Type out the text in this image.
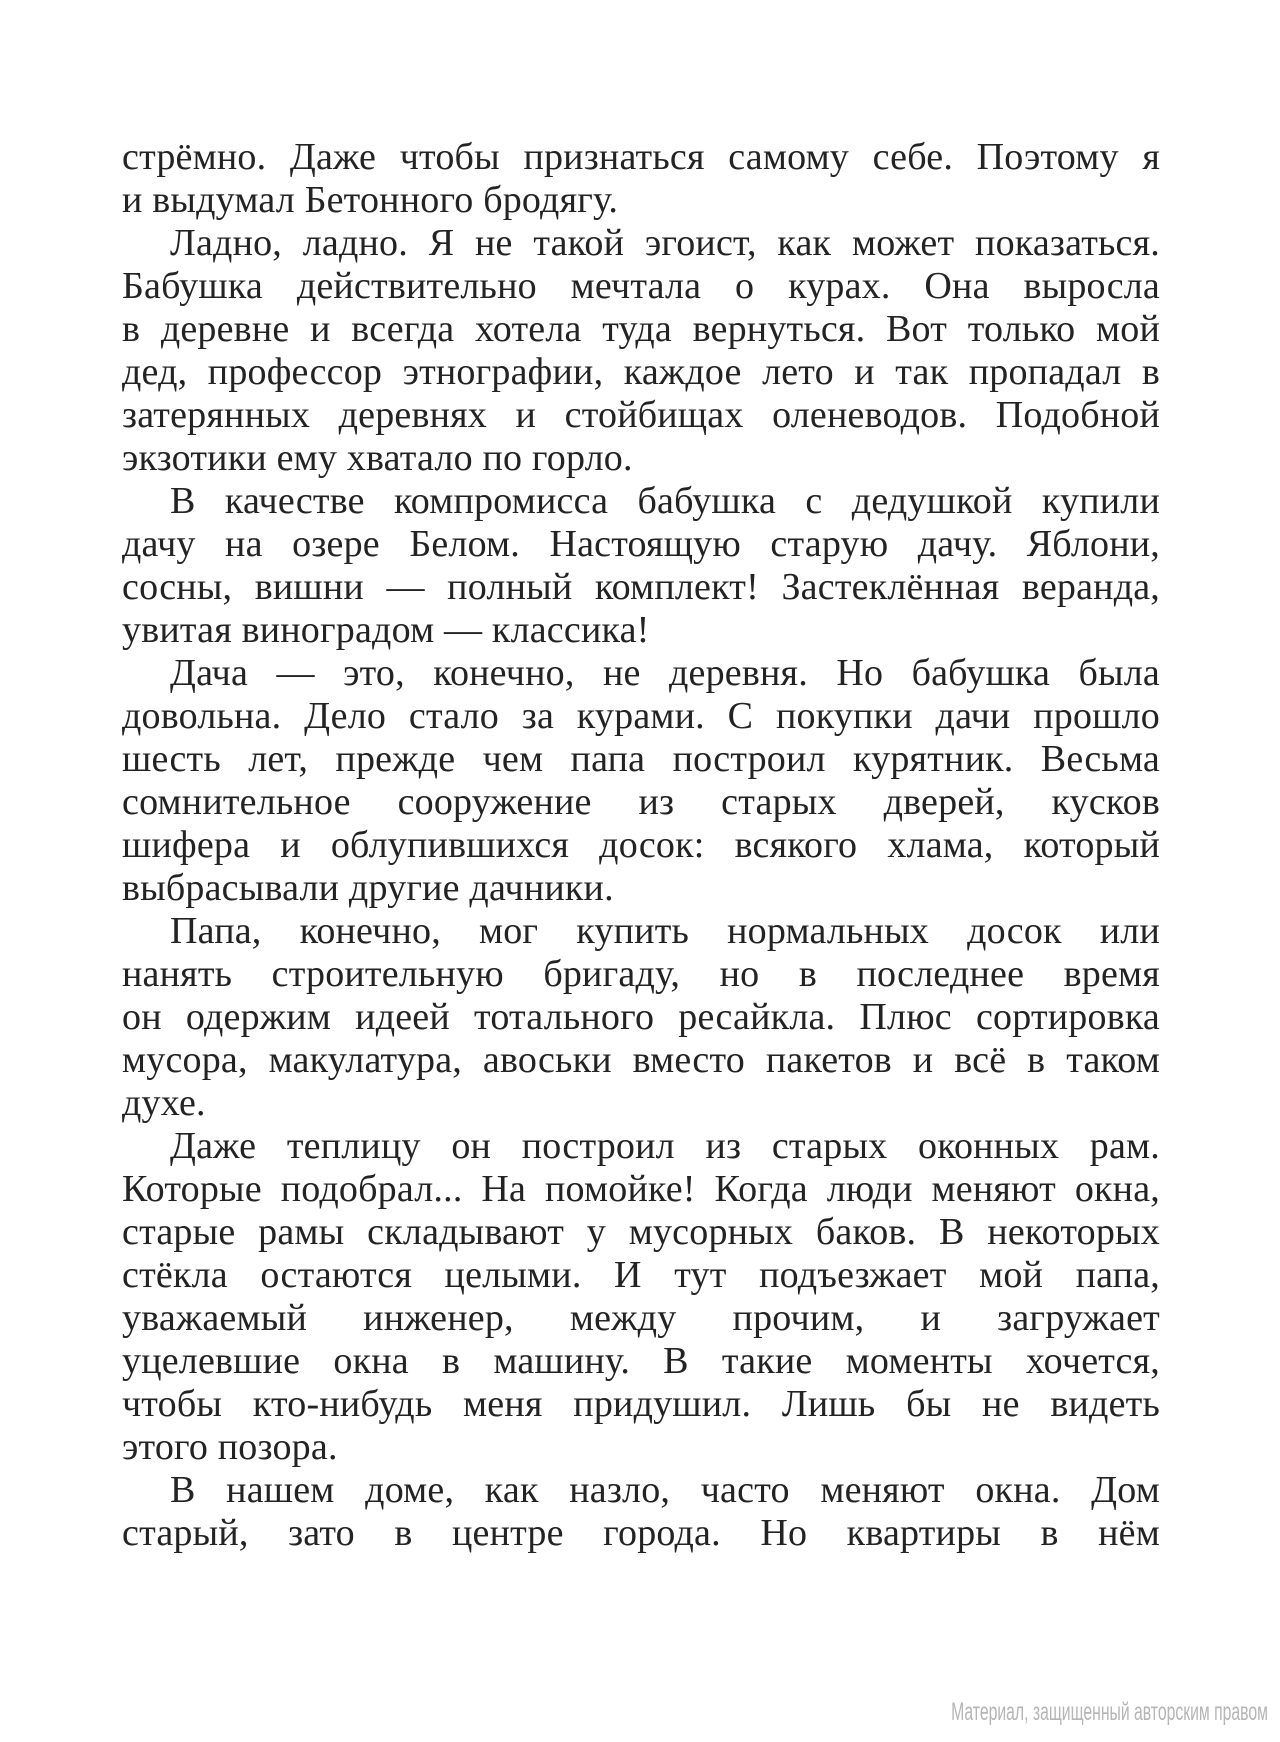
стрёмно. Даже чтобы признаться самому себе. Поэтому я
и выдумал Бетонного бродягу.
Ладно, ладно. Я не такой эгоист, как может показаться.
Бабушка действительно мечтала о курах. Она выросла
в деревне и всегда хотела туда вернуться. Вот только мой
дед, профессор этнографии, каждое лето и так пропадал в
затерянных деревнях и стойбищах оленеводов. Подобной
экзотики ему хватало по горло.
В качестве компромисса бабушка с дедушкой купили
дачу на озере Белом. Настоящую старую дачу. Яблони,
сосны, вишни — полный комплект! Застеклённая веранда,
увитая виноградом — классика!
Дача — это, конечно, не деревня. Но бабушка была
довольна. Дело стало за курами. С покупки дачи прошло
шесть лет, прежде чем папа построил курятник. Весьма
сомнительное сооружение из старых дверей, кусков
шифера и облупившихся досок: всякого хлама, который
выбрасывали другие дачники.
Папа, конечно, мог купить нормальных досок или
нанять строительную бригаду, но в последнее время
он одержим идеей тотального ресайкла. Плюс сортировка
мусора, макулатура, авоськи вместо пакетов и всё в таком
духе.
Даже теплицу он построил из старых оконных рам.
Которые подобрал... На помойке! Когда люди меняют окна,
старые рамы складывают у мусорных баков. В некоторых
стёкла остаются целыми. И тут подъезжает мой папа,
уважаемый инженер, между прочим, и загружает
уцелевшие окна в машину. В такие моменты хочется,
чтобы кто-нибудь меня придушил. Лишь бы не видеть
этого позора.
В нашем доме, как назло, часто меняют окна. Дом
старый, зато в центре города. Но квартиры в нём
Материал, защищенный авторским правом
